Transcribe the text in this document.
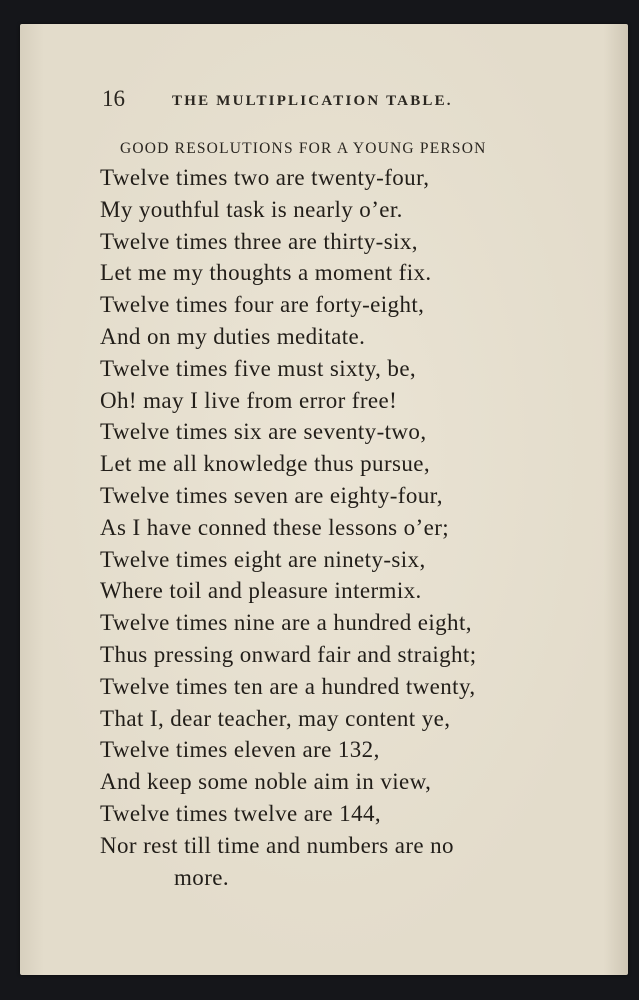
16	THE MULTIPLICATION TABLE.
GOOD RESOLUTIONS FOR A YOUNG PERSON
Twelve times two are twenty-four,
My youthful task is nearly o’er.
Twelve times three are thirty-six,
Let me my thoughts a moment fix.
Twelve times four are forty-eight,
And on my duties meditate.
Twelve times five must sixty, be,
Oh! may I live from error free!
Twelve times six are seventy-two,
Let me all knowledge thus pursue,
Twelve times seven are eighty-four,
As I have conned these lessons o’er;
Twelve times eight are ninety-six,
Where toil and pleasure intermix.
Twelve times nine are a hundred eight,
Thus pressing onward fair and straight;
Twelve times ten are a hundred twenty,
That I, dear teacher, may content ye,
Twelve times eleven are 132,
And keep some noble aim in view,
Twelve times twelve are 144,
Nor rest till time and numbers are no
more.
